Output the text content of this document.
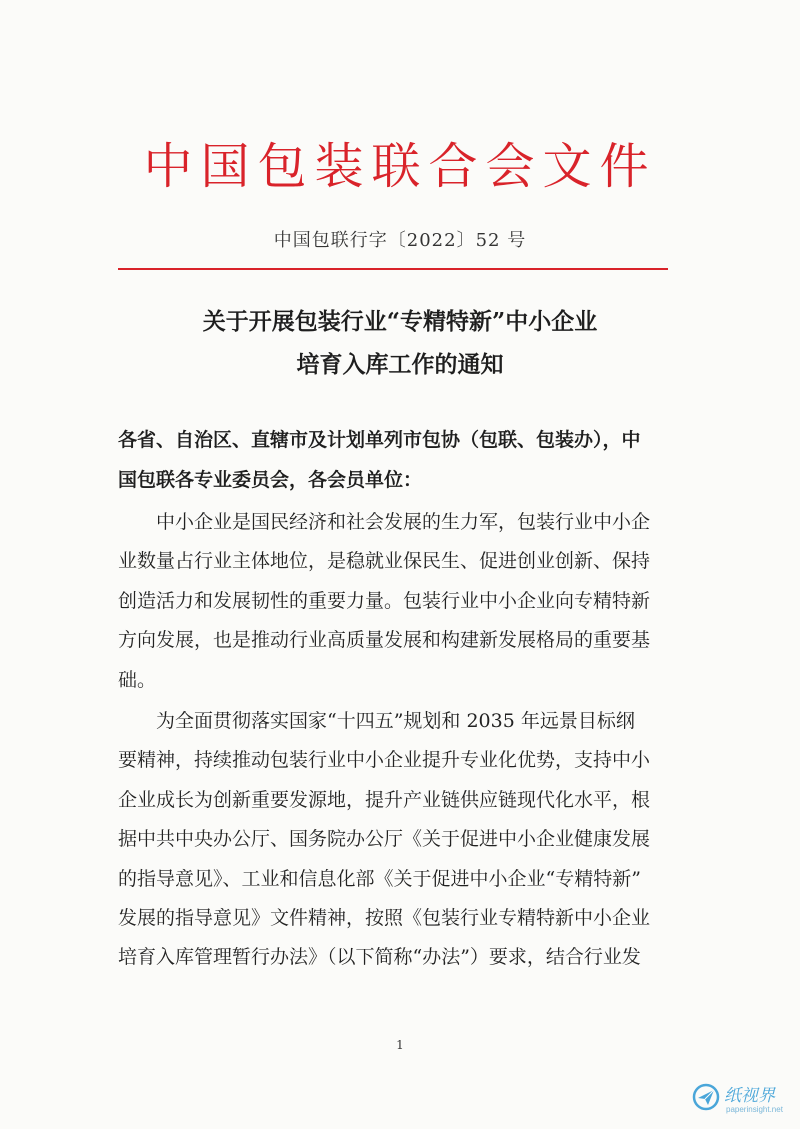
中国包装联合会文件
中国包联行字〔2022〕52 号
关于开展包装行业“专精特新”中小企业
培育入库工作的通知
各省、自治区、直辖市及计划单列市包协（包联、包装办），中
国包联各专业委员会，各会员单位：
　　中小企业是国民经济和社会发展的生力军，包装行业中小企
业数量占行业主体地位，是稳就业保民生、促进创业创新、保持
创造活力和发展韧性的重要力量。包装行业中小企业向专精特新
方向发展，也是推动行业高质量发展和构建新发展格局的重要基
础。
　　为全面贯彻落实国家“十四五”规划和 2035 年远景目标纲
要精神，持续推动包装行业中小企业提升专业化优势，支持中小
企业成长为创新重要发源地，提升产业链供应链现代化水平，根
据中共中央办公厅、国务院办公厅《关于促进中小企业健康发展
的指导意见》、工业和信息化部《关于促进中小企业“专精特新”
发展的指导意见》文件精神，按照《包装行业专精特新中小企业
培育入库管理暂行办法》（以下简称“办法”）要求，结合行业发
1
纸视界
paperinsight.net
